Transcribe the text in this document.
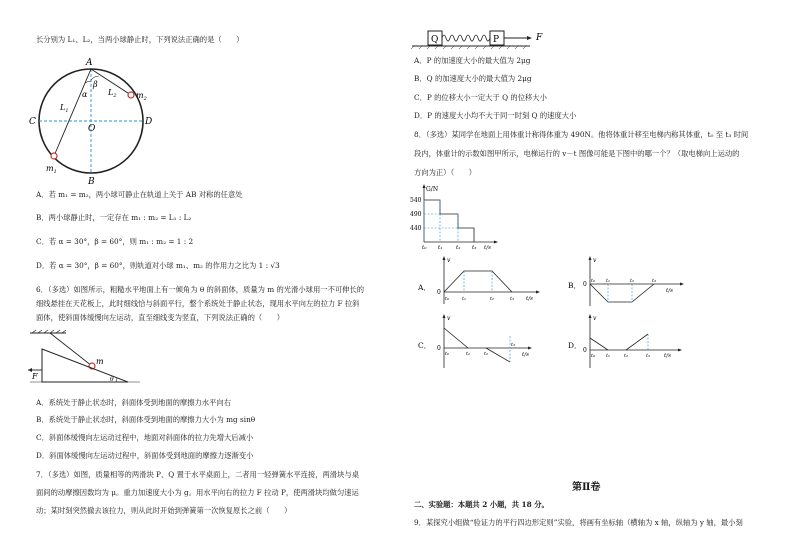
长分别为 L₁、L₂，当两小球静止时，下列说法正确的是（　　）
A
B
C	D
O
$m_1$
$m_2$
$L_1$
$L_2$
α
β
A．若 m₁ = m₂，两小球可静止在轨道上关于 AB 对称的任意处
B．两小球静止时，一定存在 m₁ : m₂ = L₁ : L₂
C．若 α = 30°，β = 60°，则 m₁ : m₂ = 1 : 2
D．若 α = 30°，β = 60°，则轨道对小球 m₁、m₂ 的作用力之比为 1 : √3
6．（多选）如图所示，粗糙水平地面上有一倾角为 θ 的斜面体，质量为 m 的光滑小球用一不可伸长的
细线悬挂在天花板上，此时细线恰与斜面平行，整个系统处于静止状态，现用水平向左的拉力 F 拉斜
面体，使斜面体缓慢向左运动，直至细线变为竖直，下列说法正确的（　　）
F
m
θ
A．系统处于静止状态时，斜面体受到地面的摩擦力水平向右
B．系统处于静止状态时，斜面体受到地面的摩擦力大小为 mg sinθ
C．斜面体缓慢向左运动过程中，地面对斜面体的拉力先增大后减小
D．斜面体缓慢向左运动过程中，斜面体受到地面的摩擦力逐渐变小
7．（多选）如图，质量相等的两滑块 P、Q 置于水平桌面上，二者用一轻弹簧水平连接，两滑块与桌
面间的动摩擦因数均为 μ。重力加速度大小为 g。用水平向右的拉力 F 拉动 P，使两滑块均做匀速运
动；某时刻突然撤去该拉力，则从此时开始到弹簧第一次恢复原长之前（　　）
Q	P	F
A．P 的加速度大小的最大值为 2μg
B．Q 的加速度大小的最大值为 2μg
C．P 的位移大小一定大于 Q 的位移大小
D．P 的速度大小均不大于同一时刻 Q 的速度大小
8．（多选）某同学在地面上用体重计称得体重为 490N。他将体重计移至电梯内称其体重，t₀ 至 t₃ 时间
段内，体重计的示数如图甲所示，电梯运行的 v－t 图像可能是下图中的哪一个？（取电梯向上运动的
方向为正）（　　）
G/N
540
490
440
t₀ t₁ t₂ t₃ t/s
A．
v
0
t₀	t₁	t₂	t₃ t/s
B．
v
0 t₀ t₁	t₂	t₃
t/s
C．
v
0
t₀	t₁	t₂
t₃
t/s
D．
v
0
t₀ t₁	t₂	t₃	t/s
第Ⅱ卷
二、实验题：本题共 2 小题，共 18 分。
9．某探究小组做“验证力的平行四边形定则”实验，将画有坐标轴（横轴为 x 轴，纵轴为 y 轴，最小刻
